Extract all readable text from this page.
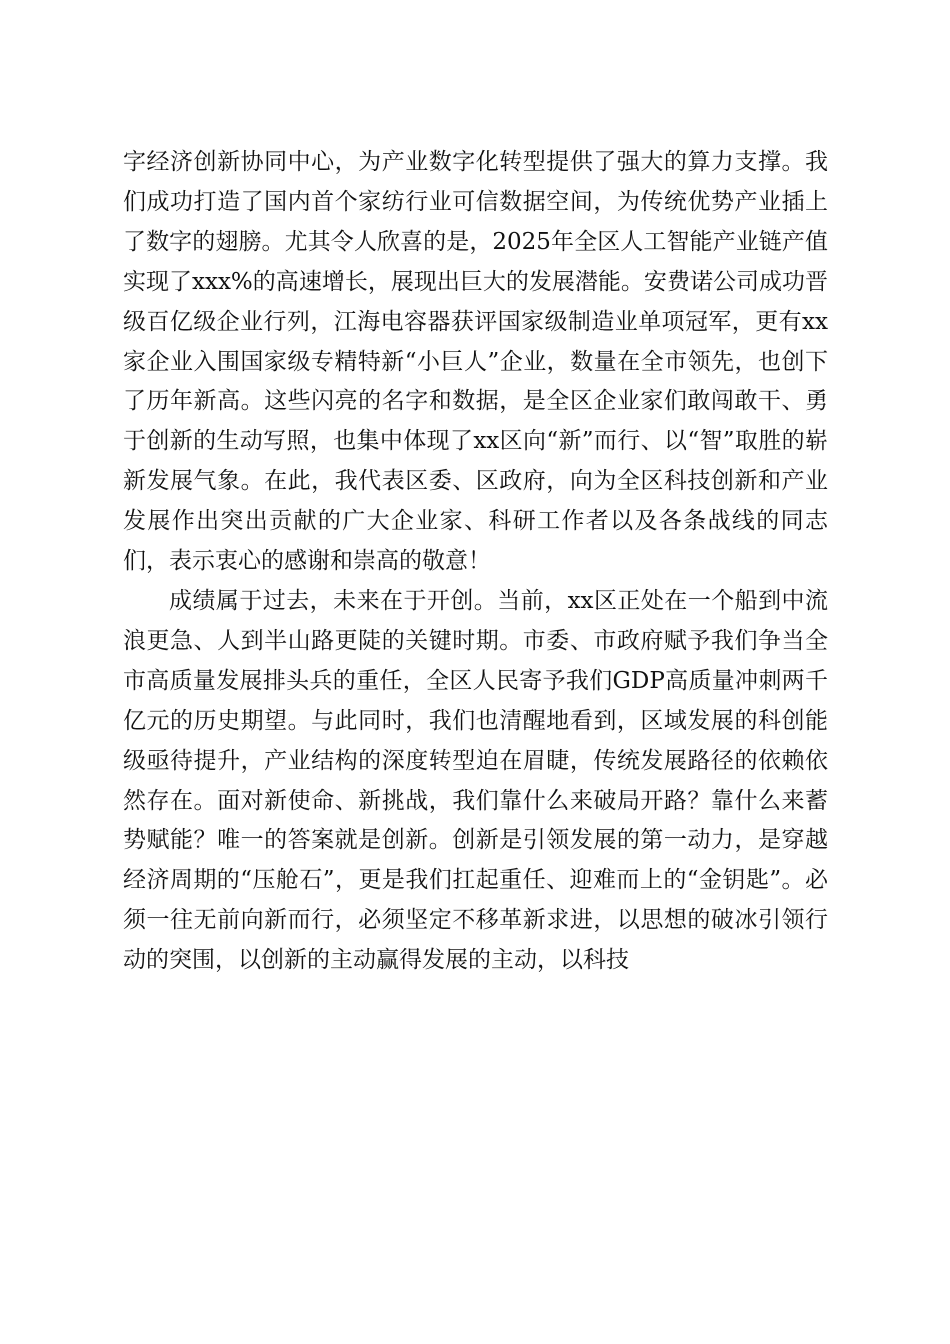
字经济创新协同中心，为产业数字化转型提供了强大的算力支撑。我们成功打造了国内首个家纺行业可信数据空间，为传统优势产业插上了数字的翅膀。尤其令人欣喜的是，2025年全区人工智能产业链产值实现了xxx%的高速增长，展现出巨大的发展潜能。安费诺公司成功晋级百亿级企业行列，江海电容器获评国家级制造业单项冠军，更有xx家企业入围国家级专精特新“小巨人”企业，数量在全市领先，也创下了历年新高。这些闪亮的名字和数据，是全区企业家们敢闯敢干、勇于创新的生动写照，也集中体现了xx区向“新”而行、以“智”取胜的崭新发展气象。在此，我代表区委、区政府，向为全区科技创新和产业发展作出突出贡献的广大企业家、科研工作者以及各条战线的同志们，表示衷心的感谢和崇高的敬意！

成绩属于过去，未来在于开创。当前，xx区正处在一个船到中流浪更急、人到半山路更陡的关键时期。市委、市政府赋予我们争当全市高质量发展排头兵的重任，全区人民寄予我们GDP高质量冲刺两千亿元的历史期望。与此同时，我们也清醒地看到，区域发展的科创能级亟待提升，产业结构的深度转型迫在眉睫，传统发展路径的依赖依然存在。面对新使命、新挑战，我们靠什么来破局开路？靠什么来蓄势赋能？唯一的答案就是创新。创新是引领发展的第一动力，是穿越经济周期的“压舱石”，更是我们扛起重任、迎难而上的“金钥匙”。必须一往无前向新而行，必须坚定不移革新求进，以思想的破冰引领行动的突围，以创新的主动赢得发展的主动，以科技
